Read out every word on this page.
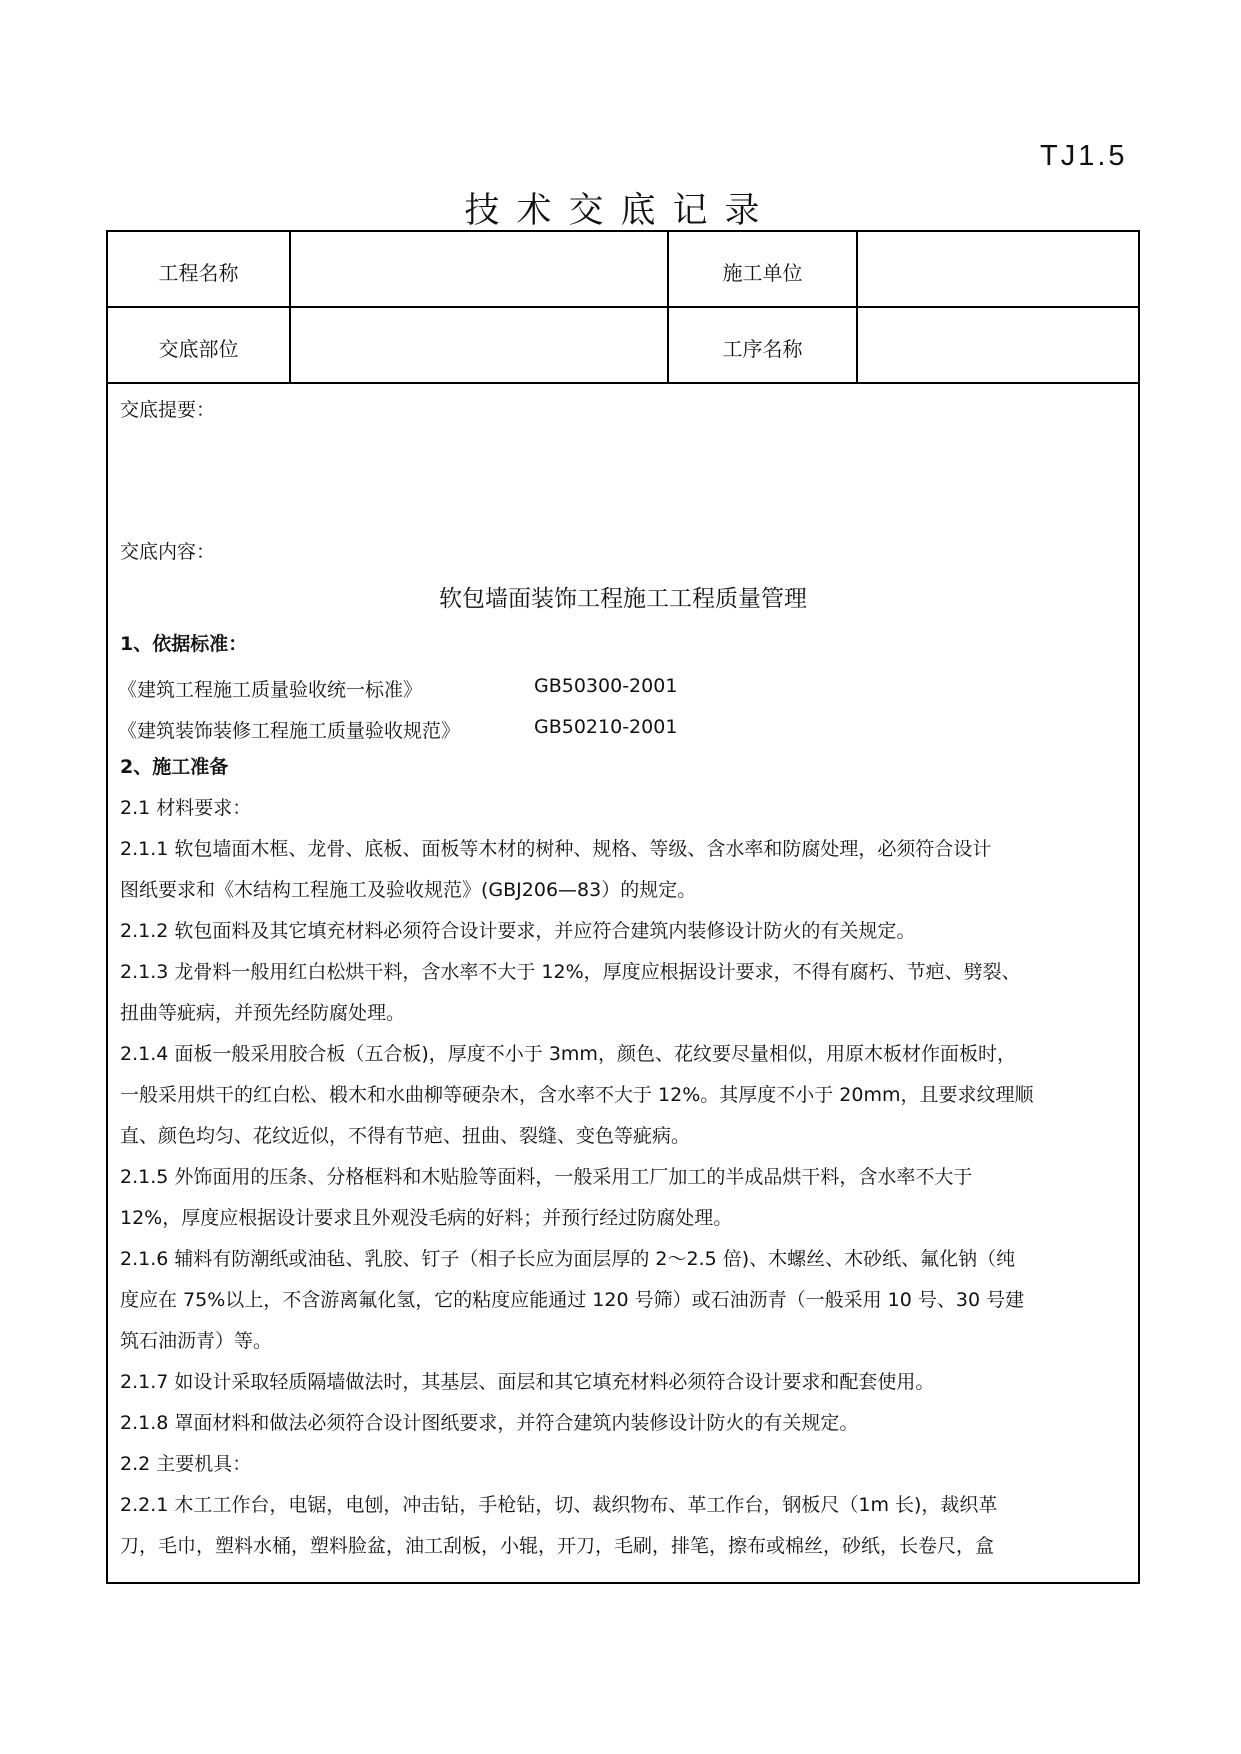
TJ1.5
技术交底记录
工程名称	施工单位
交底部位	工序名称
交底提要：
交底内容：
软包墙面装饰工程施工工程质量管理
1、依据标准：
《建筑工程施工质量验收统一标准》	GB50300-2001
《建筑装饰装修工程施工质量验收规范》	GB50210-2001
2、施工准备
2.1 材料要求：
2.1.1 软包墙面木框、龙骨、底板、面板等木材的树种、规格、等级、含水率和防腐处理，必须符合设计
图纸要求和《木结构工程施工及验收规范》(GBJ206—83）的规定。
2.1.2 软包面料及其它填充材料必须符合设计要求，并应符合建筑内装修设计防火的有关规定。
2.1.3 龙骨料一般用红白松烘干料，含水率不大于 12%，厚度应根据设计要求，不得有腐朽、节疤、劈裂、
扭曲等疵病，并预先经防腐处理。
2.1.4 面板一般采用胶合板（五合板)，厚度不小于 3mm，颜色、花纹要尽量相似，用原木板材作面板时，
一般采用烘干的红白松、椴木和水曲柳等硬杂木，含水率不大于 12%。其厚度不小于 20mm，且要求纹理顺
直、颜色均匀、花纹近似，不得有节疤、扭曲、裂缝、变色等疵病。
2.1.5 外饰面用的压条、分格框料和木贴脸等面料，一般采用工厂加工的半成品烘干料，含水率不大于
12%，厚度应根据设计要求且外观没毛病的好料；并预行经过防腐处理。
2.1.6 辅料有防潮纸或油毡、乳胶、钉子（相子长应为面层厚的 2～2.5 倍)、木螺丝、木砂纸、氟化钠（纯
度应在 75%以上，不含游离氟化氢，它的粘度应能通过 120 号筛）或石油沥青（一般采用 10 号、30 号建
筑石油沥青）等。
2.1.7 如设计采取轻质隔墙做法时，其基层、面层和其它填充材料必须符合设计要求和配套使用。
2.1.8 罩面材料和做法必须符合设计图纸要求，并符合建筑内装修设计防火的有关规定。
2.2 主要机具：
2.2.1 木工工作台，电锯，电刨，冲击钻，手枪钻，切、裁织物布、革工作台，钢板尺（1m 长)，裁织革
刀，毛巾，塑料水桶，塑料脸盆，油工刮板，小辊，开刀，毛刷，排笔，擦布或棉丝，砂纸，长卷尺，盒
